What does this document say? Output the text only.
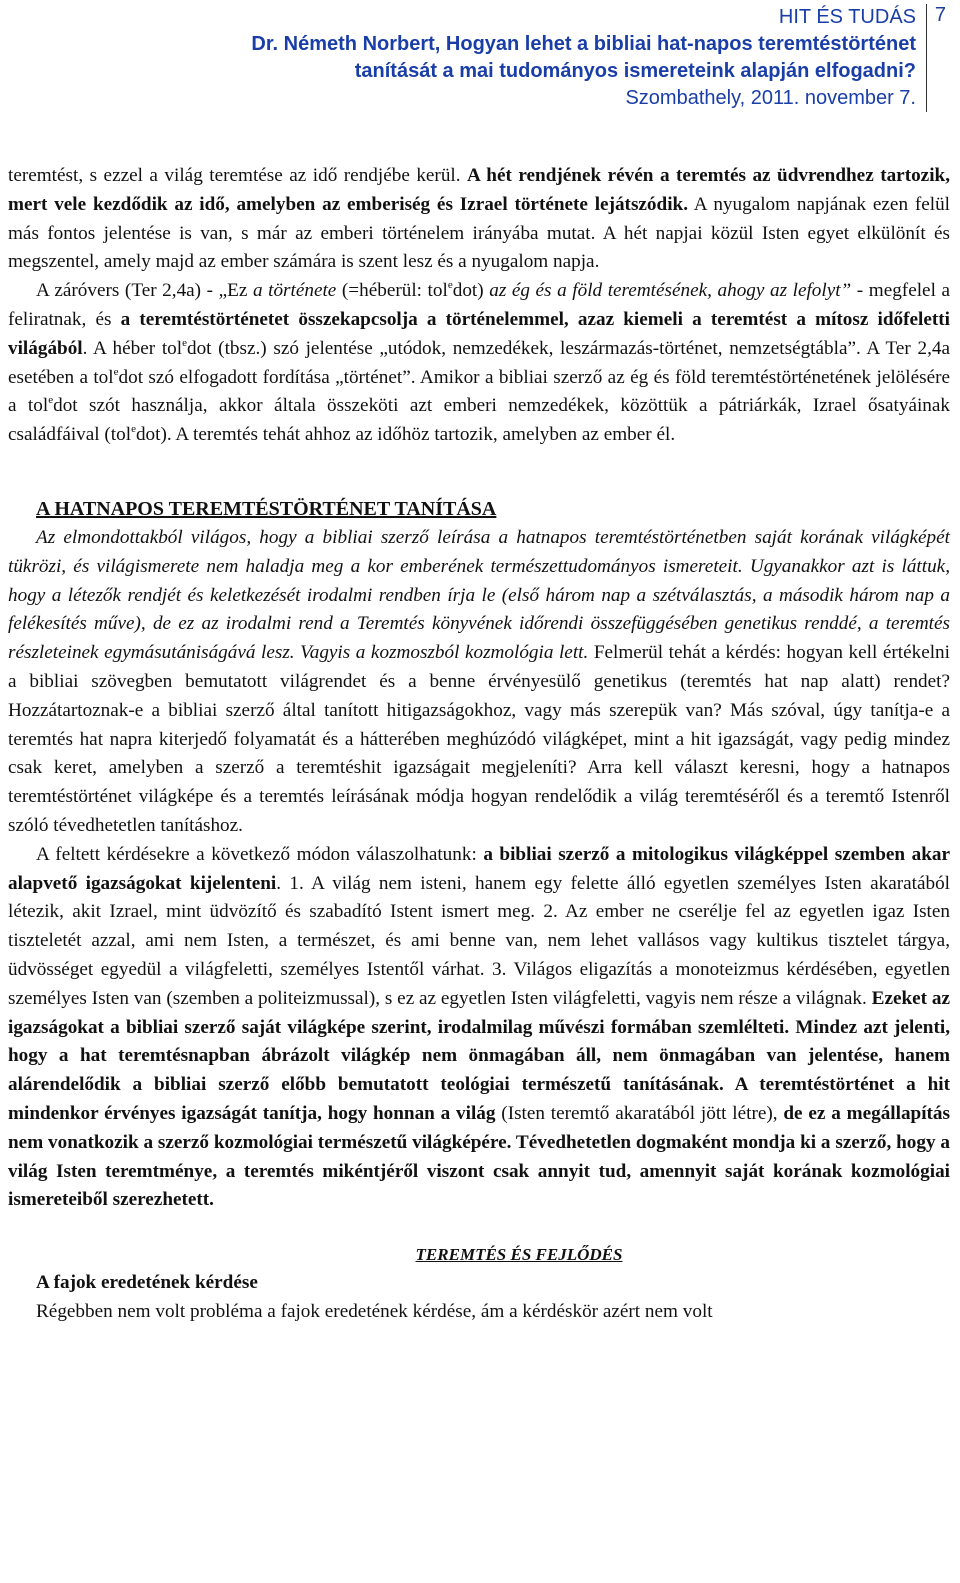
HIT ÉS TUDÁS
Dr. Németh Norbert, Hogyan lehet a bibliai hat-napos teremtéstörténet
tanítását a mai tudományos ismereteink alapján elfogadni?
Szombathely, 2011. november 7.
7

teremtést, s ezzel a világ teremtése az idő rendjébe kerül. A hét rendjének révén a teremtés az üdvrendhez tartozik, mert vele kezdődik az idő, amelyben az emberiség és Izrael története lejátszódik. A nyugalom napjának ezen felül más fontos jelentése is van, s már az emberi történelem irányába mutat. A hét napjai közül Isten egyet elkülönít és megszentel, amely majd az ember számára is szent lesz és a nyugalom napja.

A záróvers (Ter 2,4a) - „Ez a története (=héberül: tol$^e$dot) az ég és a föld teremtésének, ahogy az lefolyt” - megfelel a feliratnak, és a teremtéstörténetet összekapcsolja a történelemmel, azaz kiemeli a teremtést a mítosz időfeletti világából. A héber tol$^e$dot (tbsz.) szó jelentése „utódok, nemzedékek, leszármazás-történet, nemzetségtábla”. A Ter 2,4a esetében a tol$^e$dot szó elfogadott fordítása „történet”. Amikor a bibliai szerző az ég és föld teremtéstörténetének jelölésére a tol$^e$dot szót használja, akkor általa összeköti azt emberi nemzedékek, közöttük a pátriárkák, Izrael ősatyáinak családfáival (tol$^e$dot). A teremtés tehát ahhoz az időhöz tartozik, amelyben az ember él.

A HATNAPOS TEREMTÉSTÖRTÉNET TANÍTÁSA

Az elmondottakból világos, hogy a bibliai szerző leírása a hatnapos teremtéstörténetben saját korának világképét tükrözi, és világismerete nem haladja meg a kor emberének természettudományos ismereteit. Ugyanakkor azt is láttuk, hogy a létezők rendjét és keletkezését irodalmi rendben írja le (első három nap a szétválasztás, a második három nap a felékesítés műve), de ez az irodalmi rend a Teremtés könyvének időrendi összefüggésében genetikus renddé, a teremtés részleteinek egymásutániságává lesz. Vagyis a kozmoszból kozmológia lett. Felmerül tehát a kérdés: hogyan kell értékelni a bibliai szövegben bemutatott világrendet és a benne érvényesülő genetikus (teremtés hat nap alatt) rendet? Hozzátartoznak-e a bibliai szerző által tanított hitigazságokhoz, vagy más szerepük van? Más szóval, úgy tanítja-e a teremtés hat napra kiterjedő folyamatát és a hátterében meghúzódó világképet, mint a hit igazságát, vagy pedig mindez csak keret, amelyben a szerző a teremtéshit igazságait megjeleníti? Arra kell választ keresni, hogy a hatnapos teremtéstörténet világképe és a teremtés leírásának módja hogyan rendelődik a világ teremtéséről és a teremtő Istenről szóló tévedhetetlen tanításhoz.

A feltett kérdésekre a következő módon válaszolhatunk: a bibliai szerző a mitologikus világképpel szemben akar alapvető igazságokat kijelenteni. 1. A világ nem isteni, hanem egy felette álló egyetlen személyes Isten akaratából létezik, akit Izrael, mint üdvözítő és szabadító Istent ismert meg. 2. Az ember ne cserélje fel az egyetlen igaz Isten tiszteletét azzal, ami nem Isten, a természet, és ami benne van, nem lehet vallásos vagy kultikus tisztelet tárgya, üdvösséget egyedül a világfeletti, személyes Istentől várhat. 3. Világos eligazítás a monoteizmus kérdésében, egyetlen személyes Isten van (szemben a politeizmussal), s ez az egyetlen Isten világfeletti, vagyis nem része a világnak. Ezeket az igazságokat a bibliai szerző saját világképe szerint, irodalmilag művészi formában szemlélteti. Mindez azt jelenti, hogy a hat teremtésnapban ábrázolt világkép nem önmagában áll, nem önmagában van jelentése, hanem alárendelődik a bibliai szerző előbb bemutatott teológiai természetű tanításának. A teremtéstörténet a hit mindenkor érvényes igazságát tanítja, hogy honnan a világ (Isten teremtő akaratából jött létre), de ez a megállapítás nem vonatkozik a szerző kozmológiai természetű világképére. Tévedhetetlen dogmaként mondja ki a szerző, hogy a világ Isten teremtménye, a teremtés mikéntjéről viszont csak annyit tud, amennyit saját korának kozmológiai ismereteiből szerezhetett.

TEREMTÉS ÉS FEJLŐDÉS

A fajok eredetének kérdése

Régebben nem volt probléma a fajok eredetének kérdése, ám a kérdéskör azért nem volt
